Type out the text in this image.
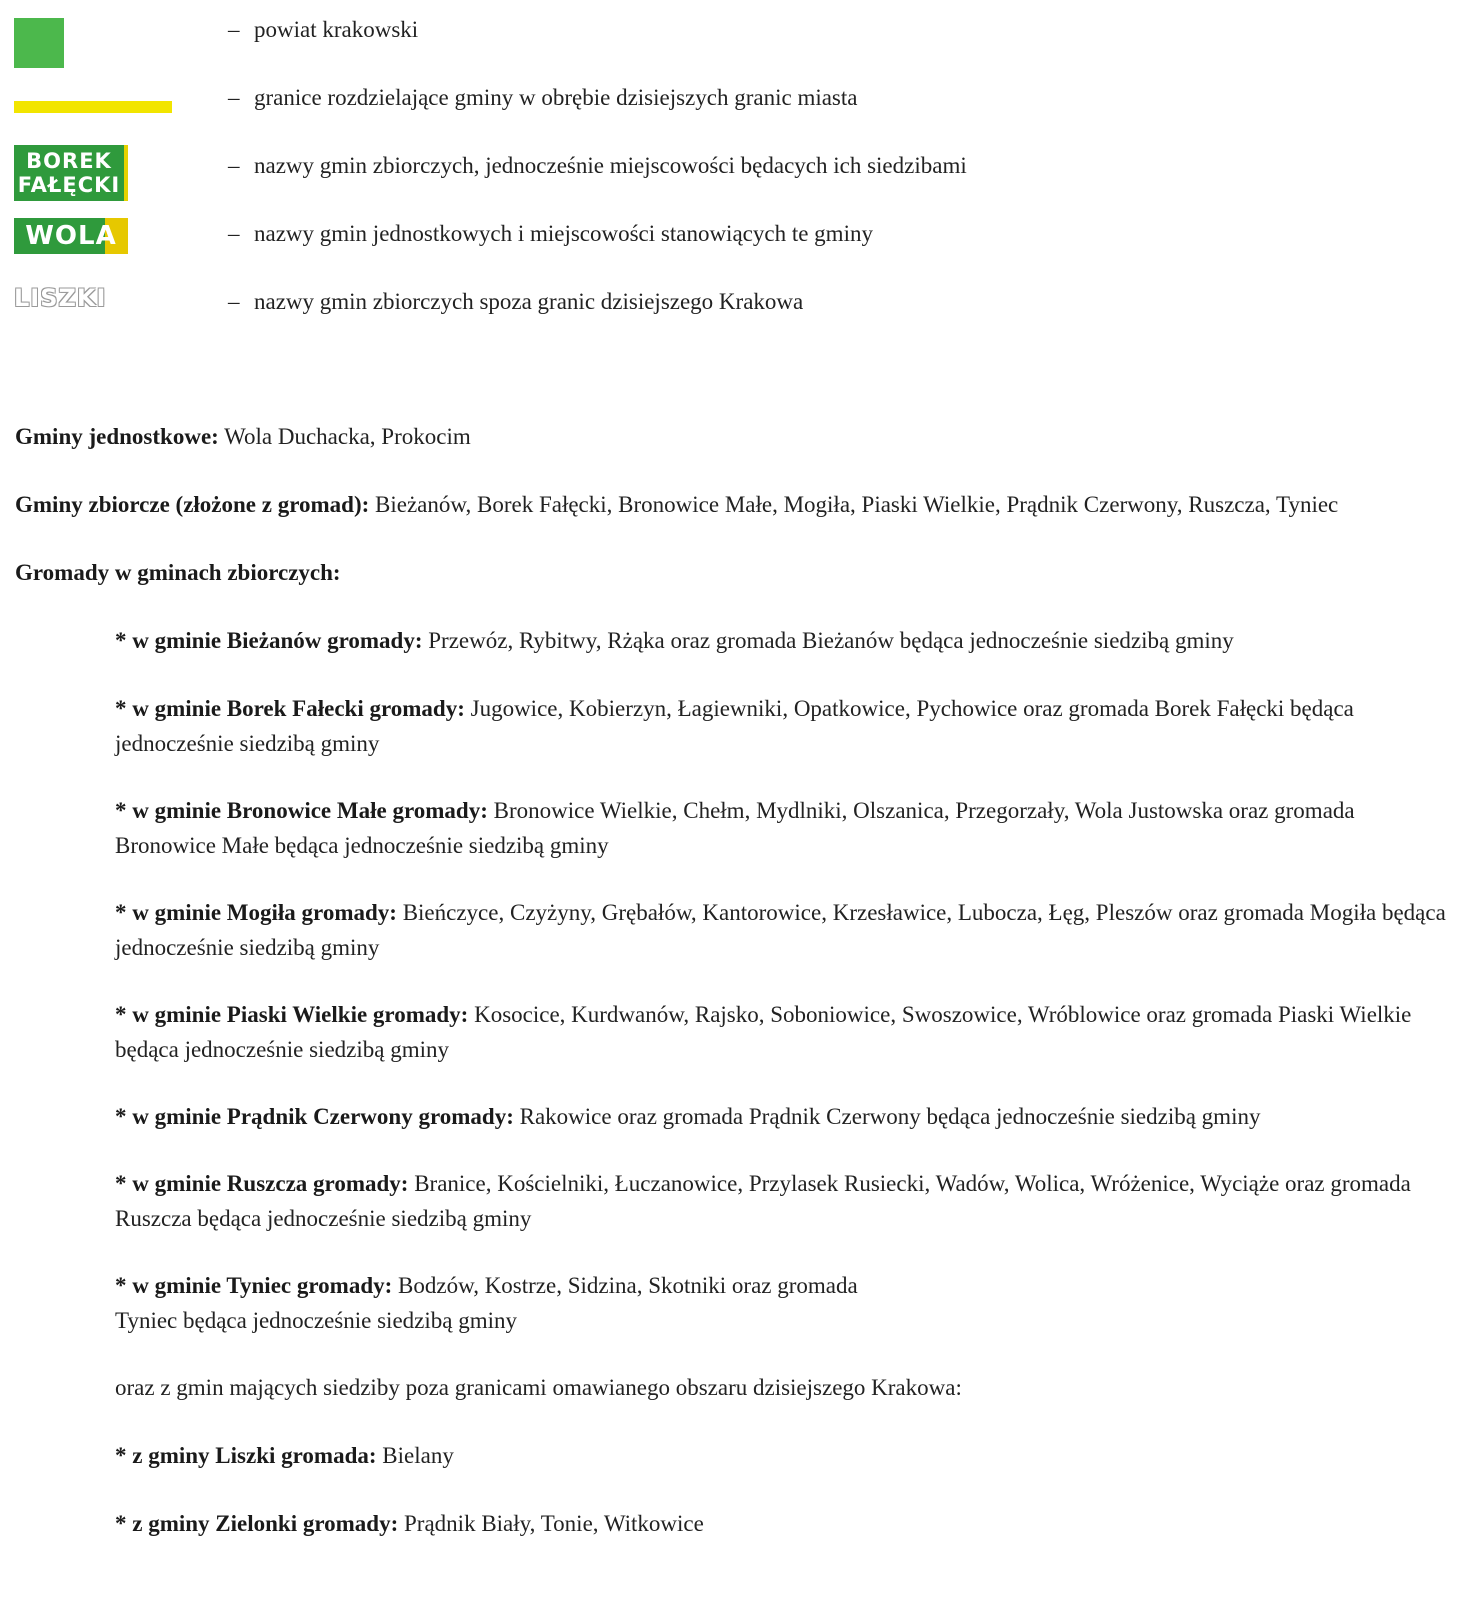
– powiat krakowski
– granice rozdzielające gminy w obrębie dzisiejszych granic miasta
BOREK
FAŁĘCKI
– nazwy gmin zbiorczych, jednocześnie miejscowości będacych ich siedzibami
WOLA	– nazwy gmin jednostkowych i miejscowości stanowiących te gminy
LISZKI	– nazwy gmin zbiorczych spoza granic dzisiejszego Krakowa
Gminy jednostkowe: Wola Duchacka, Prokocim
Gminy zbiorcze (złożone z gromad): Bieżanów, Borek Fałęcki, Bronowice Małe, Mogiła, Piaski Wielkie, Prądnik Czerwony, Ruszcza, Tyniec
Gromady w gminach zbiorczych:
* w gminie Bieżanów gromady: Przewóz, Rybitwy, Rżąka oraz gromada Bieżanów będąca jednocześnie siedzibą gminy
* w gminie Borek Fałecki gromady: Jugowice, Kobierzyn, Łagiewniki, Opatkowice, Pychowice oraz gromada Borek Fałęcki będąca jednocześnie siedzibą gminy
* w gminie Bronowice Małe gromady: Bronowice Wielkie, Chełm, Mydlniki, Olszanica, Przegorzały, Wola Justowska oraz gromada Bronowice Małe będąca jednocześnie siedzibą gminy
* w gminie Mogiła gromady: Bieńczyce, Czyżyny, Grębałów, Kantorowice, Krzesławice, Lubocza, Łęg, Pleszów oraz gromada Mogiła będąca jednocześnie siedzibą gminy
* w gminie Piaski Wielkie gromady: Kosocice, Kurdwanów, Rajsko, Soboniowice, Swoszowice, Wróblowice oraz gromada Piaski Wielkie będąca jednocześnie siedzibą gminy
* w gminie Prądnik Czerwony gromady: Rakowice oraz gromada Prądnik Czerwony będąca jednocześnie siedzibą gminy
* w gminie Ruszcza gromady: Branice, Kościelniki, Łuczanowice, Przylasek Rusiecki, Wadów, Wolica, Wróżenice, Wyciąże oraz gromada Ruszcza będąca jednocześnie siedzibą gminy
* w gminie Tyniec gromady: Bodzów, Kostrze, Sidzina, Skotniki oraz gromada
Tyniec będąca jednocześnie siedzibą gminy
oraz z gmin mających siedziby poza granicami omawianego obszaru dzisiejszego Krakowa:
* z gminy Liszki gromada: Bielany
* z gminy Zielonki gromady: Prądnik Biały, Tonie, Witkowice
